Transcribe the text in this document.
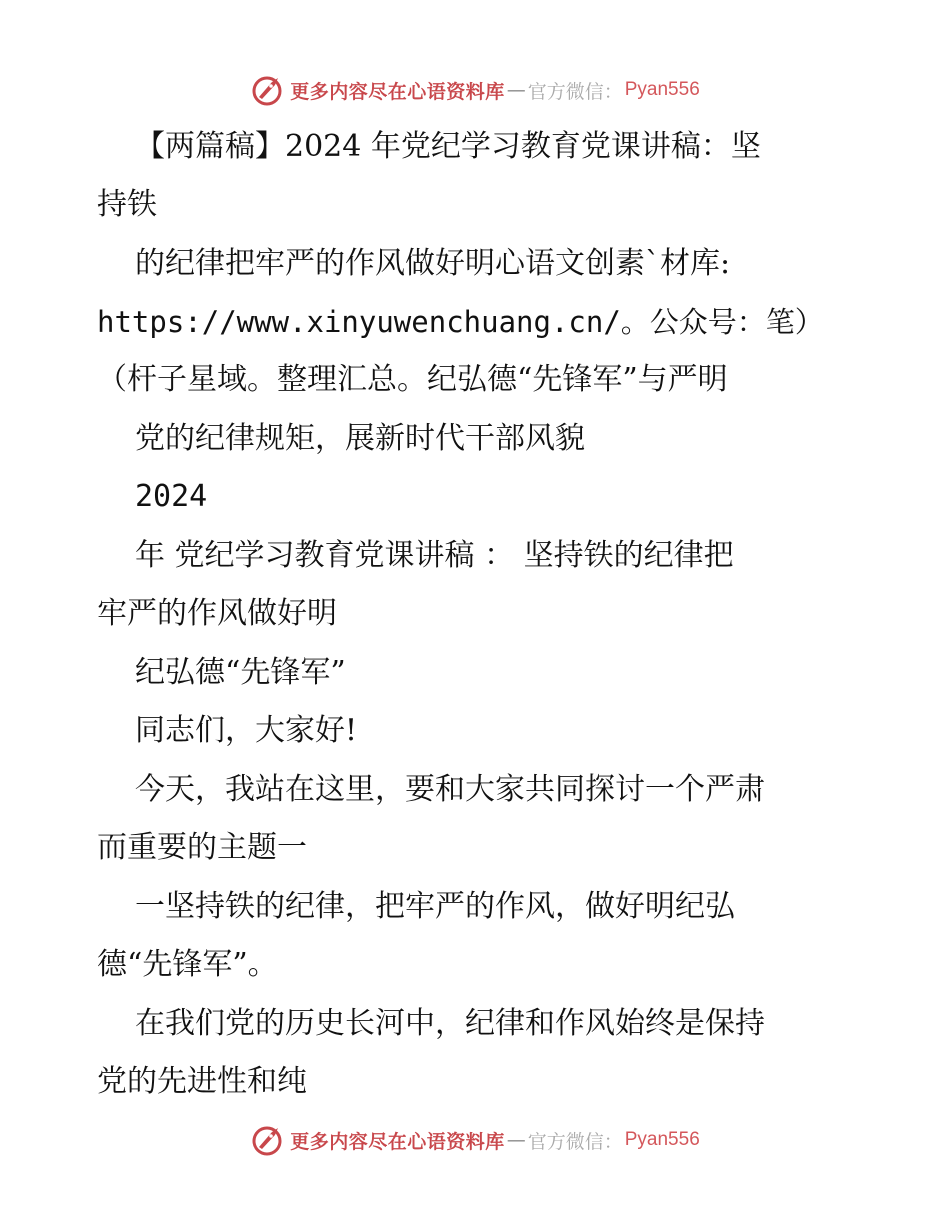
更多内容尽在心语资料库 — 官方微信： Pyan556
【两篇稿】2024 年党纪学习教育党课讲稿：坚
持铁
的纪律把牢严的作风做好明心语文创素`材库:
https://www.xinyuwenchuang.cn/。公众号：笔）
（杆子星域。整理汇总。纪弘德“先锋军”与严明
党的纪律规矩，展新时代干部风貌
2024
年 党纪学习教育党课讲稿 ： 坚持铁的纪律把
牢严的作风做好明
纪弘德“先锋军”
同志们，大家好!
今天，我站在这里，要和大家共同探讨一个严肃
而重要的主题一
一坚持铁的纪律，把牢严的作风，做好明纪弘
德“先锋军”。
在我们党的历史长河中，纪律和作风始终是保持
党的先进性和纯
更多内容尽在心语资料库 — 官方微信： Pyan556
